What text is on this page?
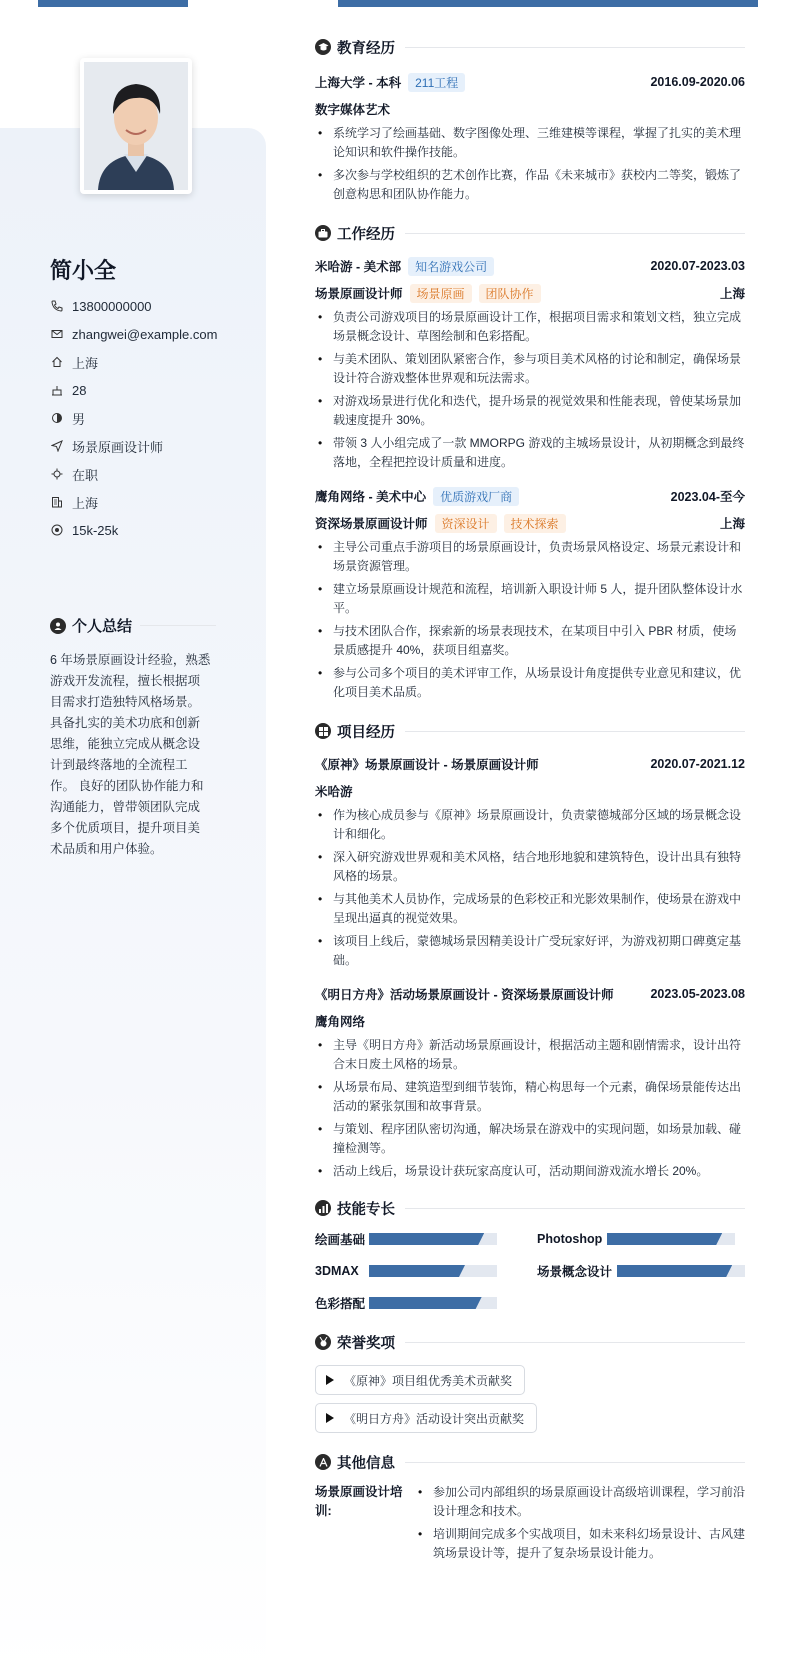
简小全
13800000000
zhangwei@example.com
上海
28
男
场景原画设计师
在职
上海
15k-25k
个人总结
6 年场景原画设计经验，熟悉游戏开发流程，擅长根据项目需求打造独特风格场景。 具备扎实的美术功底和创新思维，能独立完成从概念设计到最终落地的全流程工作。 良好的团队协作能力和沟通能力，曾带领团队完成多个优质项目，提升项目美术品质和用户体验。
教育经历
上海大学 - 本科	211工程	2016.09-2020.06
数字媒体艺术
• 系统学习了绘画基础、数字图像处理、三维建模等课程，掌握了扎实的美术理论知识和软件操作技能。
• 多次参与学校组织的艺术创作比赛，作品《未来城市》获校内二等奖，锻炼了创意构思和团队协作能力。
工作经历
米哈游 - 美术部	知名游戏公司	2020.07-2023.03
场景原画设计师	场景原画	团队协作	上海
• 负责公司游戏项目的场景原画设计工作，根据项目需求和策划文档，独立完成场景概念设计、草图绘制和色彩搭配。
• 与美术团队、策划团队紧密合作，参与项目美术风格的讨论和制定，确保场景设计符合游戏整体世界观和玩法需求。
• 对游戏场景进行优化和迭代，提升场景的视觉效果和性能表现，曾使某场景加载速度提升 30%。
• 带领 3 人小组完成了一款 MMORPG 游戏的主城场景设计，从初期概念到最终落地，全程把控设计质量和进度。
鹰角网络 - 美术中心	优质游戏厂商	2023.04-至今
资深场景原画设计师	资深设计	技术探索	上海
• 主导公司重点手游项目的场景原画设计，负责场景风格设定、场景元素设计和场景资源管理。
• 建立场景原画设计规范和流程，培训新入职设计师 5 人，提升团队整体设计水平。
• 与技术团队合作，探索新的场景表现技术，在某项目中引入 PBR 材质，使场景质感提升 40%，获项目组嘉奖。
• 参与公司多个项目的美术评审工作，从场景设计角度提供专业意见和建议，优化项目美术品质。
项目经历
《原神》场景原画设计 - 场景原画设计师	2020.07-2021.12
米哈游
• 作为核心成员参与《原神》场景原画设计，负责蒙德城部分区域的场景概念设计和细化。
• 深入研究游戏世界观和美术风格，结合地形地貌和建筑特色，设计出具有独特风格的场景。
• 与其他美术人员协作，完成场景的色彩校正和光影效果制作，使场景在游戏中呈现出逼真的视觉效果。
• 该项目上线后，蒙德城场景因精美设计广受玩家好评，为游戏初期口碑奠定基础。
《明日方舟》活动场景原画设计 - 资深场景原画设计师	2023.05-2023.08
鹰角网络
• 主导《明日方舟》新活动场景原画设计，根据活动主题和剧情需求，设计出符合末日废土风格的场景。
• 从场景布局、建筑造型到细节装饰，精心构思每一个元素，确保场景能传达出活动的紧张氛围和故事背景。
• 与策划、程序团队密切沟通，解决场景在游戏中的实现问题，如场景加载、碰撞检测等。
• 活动上线后，场景设计获玩家高度认可，活动期间游戏流水增长 20%。
技能专长
绘画基础	Photoshop
3DMAX	场景概念设计
色彩搭配
荣誉奖项
《原神》项目组优秀美术贡献奖
《明日方舟》活动设计突出贡献奖
其他信息
场景原画设计培训:
• 参加公司内部组织的场景原画设计高级培训课程，学习前沿设计理念和技术。
• 培训期间完成多个实战项目，如未来科幻场景设计、古风建筑场景设计等，提升了复杂场景设计能力。
